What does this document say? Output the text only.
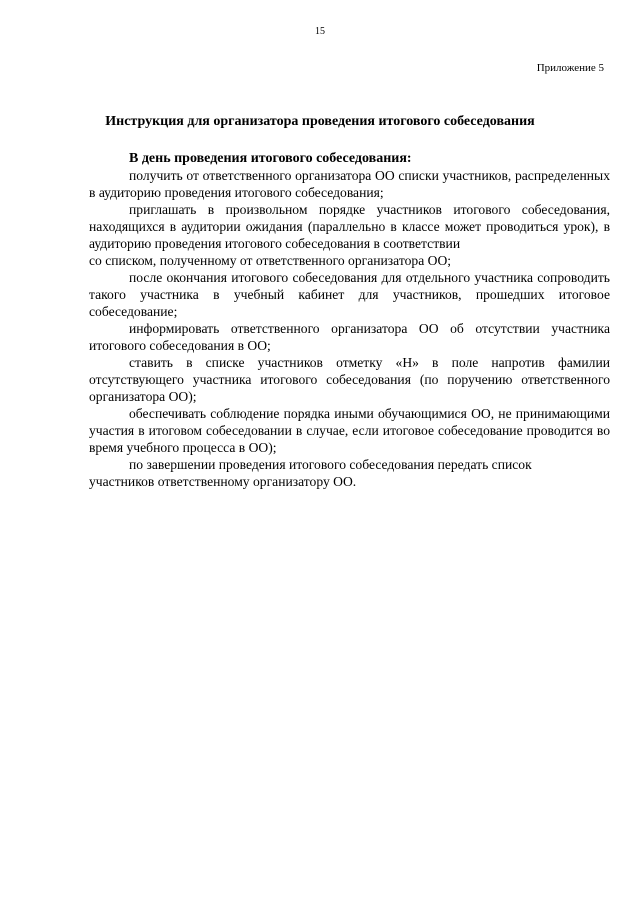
15
Приложение 5
Инструкция для организатора проведения итогового собеседования

В день проведения итогового собеседования:

получить от ответственного организатора ОО списки участников, распределенных в аудиторию проведения итогового собеседования;

приглашать в произвольном порядке участников итогового собеседования, находящихся в аудитории ожидания (параллельно в классе может проводиться урок), в аудиторию проведения итогового собеседования в соответствии
со списком, полученному от ответственного организатора ОО;

после окончания итогового собеседования для отдельного участника сопроводить такого участника в учебный кабинет для участников, прошедших итоговое собеседование;

информировать ответственного организатора ОО об отсутствии участника итогового собеседования в ОО;

ставить в списке участников отметку «Н» в поле напротив фамилии отсутствующего участника итогового собеседования (по поручению ответственного организатора ОО);

обеспечивать соблюдение порядка иными обучающимися ОО, не принимающими участия в итоговом собеседовании в случае, если итоговое собеседование проводится во время учебного процесса в ОО);

по завершении проведения итогового собеседования передать список
участников ответственному организатору ОО.
